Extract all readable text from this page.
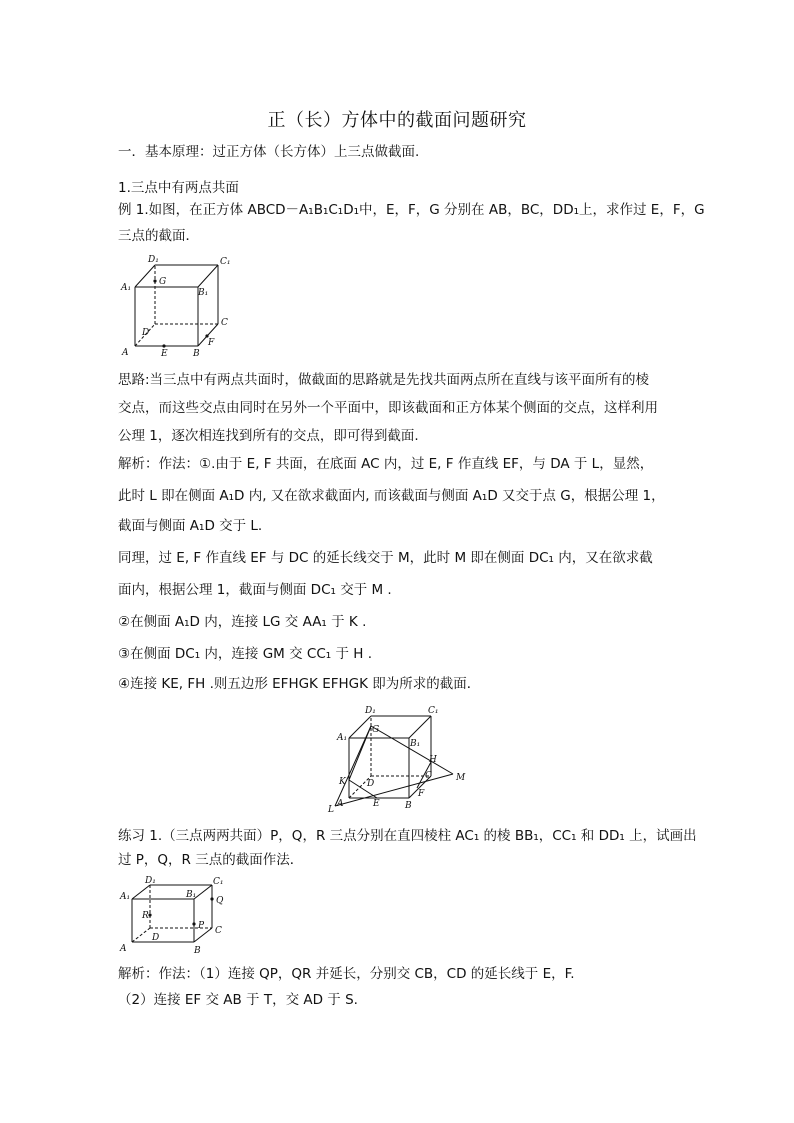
正（长）方体中的截面问题研究
一．基本原理：过正方体（长方体）上三点做截面.
1.三点中有两点共面
例 1.如图，在正方体 ABCD－A₁B₁C₁D₁中，E，F，G 分别在 AB，BC，DD₁上，求作过 E，F，G
三点的截面．
A	B
C
D
A₁	B₁
C₁
D₁
E
F
G
思路:当三点中有两点共面时，做截面的思路就是先找共面两点所在直线与该平面所有的棱
交点，而这些交点由同时在另外一个平面中，即该截面和正方体某个侧面的交点，这样利用
公理 1，逐次相连找到所有的交点，即可得到截面.
解析：作法：①.由于 E, F 共面，在底面 AC 内，过 E, F 作直线 EF，与 DA 于 L，显然，
此时 L 即在侧面 A₁D 内, 又在欲求截面内, 而该截面与侧面 A₁D 又交于点 G，根据公理 1，
截面与侧面 A₁D 交于 L.
同理，过 E, F 作直线 EF 与 DC 的延长线交于 M，此时 M 即在侧面 DC₁ 内，又在欲求截
面内，根据公理 1，截面与侧面 DC₁ 交于 M .
②在侧面 A₁D 内，连接 LG 交 AA₁ 于 K .
③在侧面 DC₁ 内，连接 GM 交 CC₁ 于 H .
④连接 KE, FH .则五边形 EFHGK EFHGK 即为所求的截面．
A	B
C
D
A₁
B₁
C₁
D₁
E
F
G
H
K
L
M
练习 1.（三点两两共面）P，Q，R 三点分别在直四棱柱 AC₁ 的棱 BB₁，CC₁ 和 DD₁ 上，试画出
过 P，Q，R 三点的截面作法．
A	B
C
D
A₁	B₁
C₁
D₁
P
Q
R
解析：作法：（1）连接 QP，QR 并延长，分别交 CB，CD 的延长线于 E，F.
（2）连接 EF 交 AB 于 T，交 AD 于 S.
